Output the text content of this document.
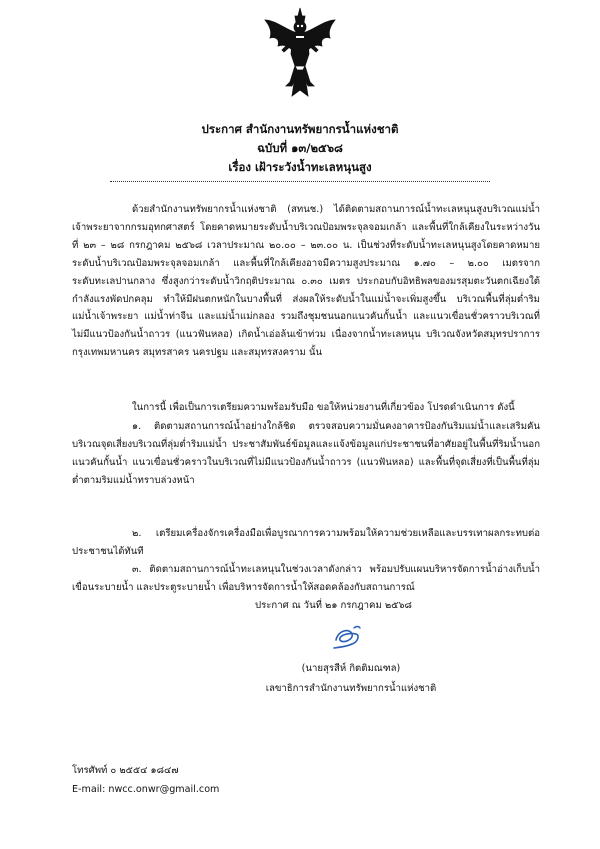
ประกาศ สำนักงานทรัพยากรน้ำแห่งชาติ
ฉบับที่ ๑๓/๒๕๖๘
เรื่อง เฝ้าระวังน้ำทะเลหนุนสูง

ด้วยสำนักงานทรัพยากรน้ำแห่งชาติ (สทนช.) ได้ติดตามสถานการณ์น้ำทะเลหนุนสูงบริเวณแม่น้ำเจ้าพระยาจากกรมอุทกศาสตร์ โดยคาดหมายระดับน้ำบริเวณป้อมพระจุลจอมเกล้า และพื้นที่ใกล้เคียงในระหว่างวันที่ ๒๓ – ๒๘ กรกฎาคม ๒๕๖๘ เวลาประมาณ ๒๐.๐๐ – ๒๓.๐๐ น. เป็นช่วงที่ระดับน้ำทะเลหนุนสูงโดยคาดหมายระดับน้ำบริเวณป้อมพระจุลจอมเกล้า และพื้นที่ใกล้เคียงอาจมีความสูงประมาณ ๑.๗๐ – ๒.๐๐ เมตรจากระดับทะเลปานกลาง ซึ่งสูงกว่าระดับน้ำวิกฤติประมาณ ๐.๓๐ เมตร ประกอบกับอิทธิพลของมรสุมตะวันตกเฉียงใต้กำลังแรงพัดปกคลุม ทำให้มีฝนตกหนักในบางพื้นที่ ส่งผลให้ระดับน้ำในแม่น้ำจะเพิ่มสูงขึ้น บริเวณพื้นที่ลุ่มต่ำริมแม่น้ำเจ้าพระยา แม่น้ำท่าจีน และแม่น้ำแม่กลอง รวมถึงชุมชนนอกแนวคันกั้นน้ำ และแนวเขื่อนชั่วคราวบริเวณที่ไม่มีแนวป้องกันน้ำถาวร (แนวฟันหลอ) เกิดน้ำเอ่อล้นเข้าท่วม เนื่องจากน้ำทะเลหนุน บริเวณจังหวัดสมุทรปราการ กรุงเทพมหานคร สมุทรสาคร นครปฐม และสมุทรสงคราม นั้น

ในการนี้ เพื่อเป็นการเตรียมความพร้อมรับมือ ขอให้หน่วยงานที่เกี่ยวข้อง โปรดดำเนินการ ดังนี้

๑. ติดตามสถานการณ์น้ำอย่างใกล้ชิด ตรวจสอบความมั่นคงอาคารป้องกันริมแม่น้ำและเสริมคันบริเวณจุดเสี่ยงบริเวณที่ลุ่มต่ำริมแม่น้ำ ประชาสัมพันธ์ข้อมูลและแจ้งข้อมูลแก่ประชาชนที่อาศัยอยู่ในพื้นที่ริมน้ำนอกแนวคันกั้นน้ำ แนวเขื่อนชั่วคราวในบริเวณที่ไม่มีแนวป้องกันน้ำถาวร (แนวฟันหลอ) และพื้นที่จุดเสี่ยงที่เป็นพื้นที่ลุ่มต่ำตามริมแม่น้ำทราบล่วงหน้า

๒. เตรียมเครื่องจักรเครื่องมือเพื่อบูรณาการความพร้อมให้ความช่วยเหลือและบรรเทาผลกระทบต่อประชาชนได้ทันที

๓. ติดตามสถานการณ์น้ำทะเลหนุนในช่วงเวลาดังกล่าว พร้อมปรับแผนบริหารจัดการน้ำอ่างเก็บน้ำ เขื่อนระบายน้ำ และประตูระบายน้ำ เพื่อบริหารจัดการน้ำให้สอดคล้องกับสถานการณ์

ประกาศ ณ วันที่ ๒๑ กรกฎาคม ๒๕๖๘
(นายสุรสีห์ กิตติมณฑล)
เลขาธิการสำนักงานทรัพยากรน้ำแห่งชาติ
โทรศัพท์ ๐ ๒๕๕๔ ๑๘๔๗
E-mail: nwcc.onwr@gmail.com
